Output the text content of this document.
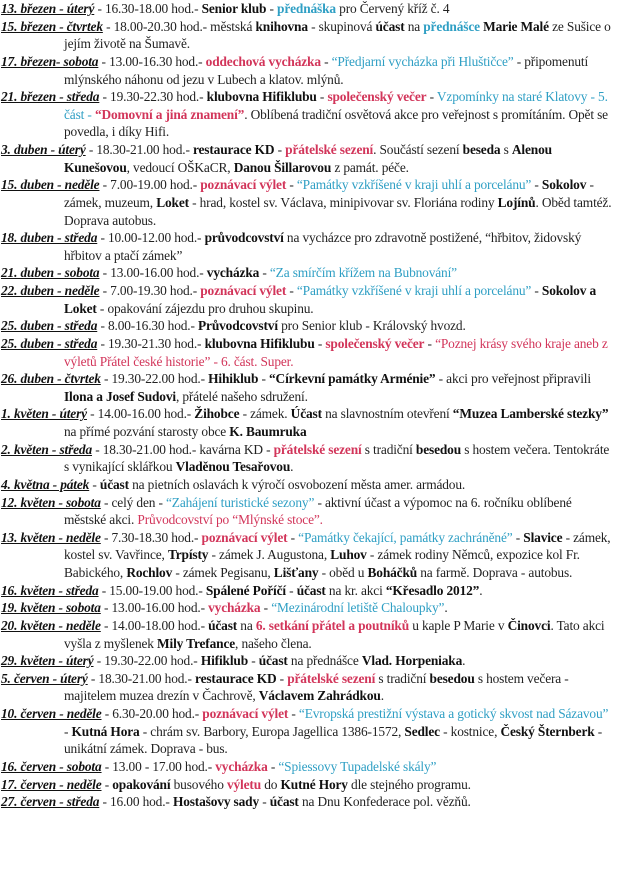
13. březen - úterý - 16.30-18.00 hod.- Senior klub - přednáška pro Červený kříž č. 4

15. březen - čtvrtek - 18.00-20.30 hod.- městská knihovna - skupinová účast na přednášce Marie Malé ze Sušice o jejím životě na Šumavě.

17. březen- sobota - 13.00-16.30 hod.- oddechová vycházka - “Předjarní vycházka při Hluštičce” - připomenutí mlýnského náhonu od jezu v Lubech a klatov. mlýnů.

21. březen - středa - 19.30-22.30 hod.- klubovna Hifiklubu - společenský večer - Vzpomínky na staré Klatovy - 5. část - “Domovní a jiná znamení”. Oblíbená tradiční osvětová akce pro veřejnost s promítáním. Opět se povedla, i díky Hifi.

3. duben - úterý - 18.30-21.00 hod.- restaurace KD - přátelské sezení. Součástí sezení beseda s Alenou Kunešovou, vedoucí OŠKaCR, Danou Šillarovou z památ. péče.

15. duben - neděle - 7.00-19.00 hod.- poznávací výlet - “Památky vzkříšené v kraji uhlí a porcelánu” - Sokolov - zámek, muzeum, Loket - hrad, kostel sv. Václava, minipivovar sv. Floriána rodiny Lojínů. Oběd tamtéž. Doprava autobus.

18. duben - středa - 10.00-12.00 hod.- průvodcovství na vycházce pro zdravotně postižené, “hřbitov, židovský hřbitov a ptačí zámek”

21. duben - sobota - 13.00-16.00 hod.- vycházka - “Za smírčím křížem na Bubnování”

22. duben - neděle - 7.00-19.30 hod.- poznávací výlet - “Památky vzkříšené v kraji uhlí a porcelánu” - Sokolov a Loket - opakování zájezdu pro druhou skupinu.

25. duben - středa - 8.00-16.30 hod.- Průvodcovství pro Senior klub - Královský hvozd.

25. duben - středa - 19.30-21.30 hod.- klubovna Hifiklubu - společenský večer - “Poznej krásy svého kraje aneb z výletů Přátel české historie” - 6. část. Super.

26. duben - čtvrtek - 19.30-22.00 hod.- Hihiklub - “Církevní památky Arménie” - akci pro veřejnost připravili Ilona a Josef Sudovi, přátelé našeho sdružení.

1. květen - úterý - 14.00-16.00 hod.- Žihobce - zámek. Účast na slavnostním otevření “Muzea Lamberské stezky” na přímé pozvání starosty obce K. Baumruka

2. květen - středa - 18.30-21.00 hod.- kavárna KD - přátelské sezení s tradiční besedou s hostem večera. Tentokráte s vynikající sklářkou Vladěnou Tesařovou.

4. května - pátek - účast na pietních oslavách k výročí osvobození města amer. armádou.

12. květen - sobota - celý den - “Zahájení turistické sezony” - aktivní účast a výpomoc na 6. ročníku oblíbené městské akci. Průvodcovství po “Mlýnské stoce”.

13. květen - neděle - 7.30-18.30 hod.- poznávací výlet - “Památky čekající, památky zachráněné” - Slavice - zámek, kostel sv. Vavřince, Trpísty - zámek J. Augustona, Luhov - zámek rodiny Němců, expozice kol Fr. Babického, Rochlov - zámek Pegisanu, Lišťany - oběd u Boháčků na farmě. Doprava - autobus.

16. květen - středa - 15.00-19.00 hod.- Spálené Poříčí - účast na kr. akci “Křesadlo 2012”.

19. květen - sobota - 13.00-16.00 hod.- vycházka - “Mezinárodní letiště Chaloupky”.

20. květen - neděle - 14.00-18.00 hod.- účast na 6. setkání přátel a poutníků u kaple P Marie v Činovci. Tato akci vyšla z myšlenek Mily Trefance, našeho člena.

29. květen - úterý - 19.30-22.00 hod.- Hifiklub - účast na přednášce Vlad. Horpeniaka.

5. červen - úterý - 18.30-21.00 hod.- restaurace KD - přátelské sezení s tradiční besedou s hostem večera - majitelem muzea drezín v Čachrově, Václavem Zahrádkou.

10. červen - neděle - 6.30-20.00 hod.- poznávací výlet - “Evropská prestižní výstava a gotický skvost nad Sázavou” - Kutná Hora - chrám sv. Barbory, Europa Jagellica 1386-1572, Sedlec - kostnice, Český Šternberk - unikátní zámek. Doprava - bus.

16. červen - sobota - 13.00 - 17.00 hod.- vycházka - “Spiessovy Tupadelské skály”

17. červen - neděle - opakování busového výletu do Kutné Hory dle stejného programu.

27. červen - středa - 16.00 hod.- Hostašovy sady - účast na Dnu Konfederace pol. vězňů.
